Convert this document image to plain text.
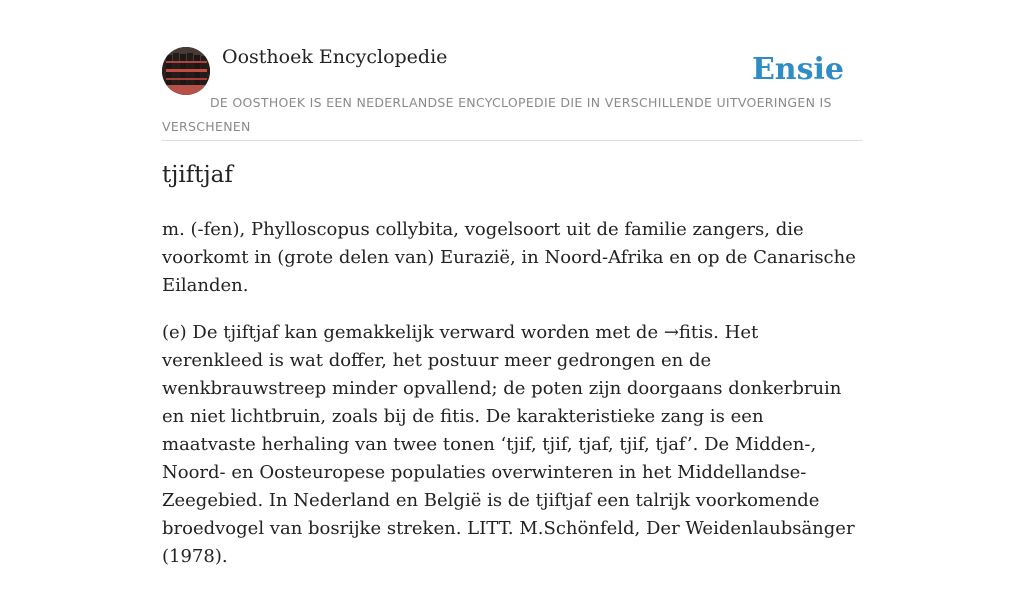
Oosthoek Encyclopedie	Ensie
DE OOSTHOEK IS EEN NEDERLANDSE ENCYCLOPEDIE DIE IN VERSCHILLENDE UITVOERINGEN IS VERSCHENEN
tjiftjaf

m. (-fen), Phylloscopus collybita, vogelsoort uit de familie zangers, die voorkomt in (grote delen van) Eurazië, in Noord-Afrika en op de Canarische Eilanden.

(e) De tjiftjaf kan gemakkelijk verward worden met de →fitis. Het verenkleed is wat doffer, het postuur meer gedrongen en de wenkbrauwstreep minder opvallend; de poten zijn doorgaans donkerbruin en niet lichtbruin, zoals bij de fitis. De karakteristieke zang is een maatvaste herhaling van twee tonen ‘tjif, tjif, tjaf, tjif, tjaf’. De Midden-, Noord- en Oosteuropese populaties overwinteren in het Middellandse-Zeegebied. In Nederland en België is de tjiftjaf een talrijk voorkomende broedvogel van bosrijke streken. LITT. M.Schönfeld, Der Weidenlaubsänger (1978).
